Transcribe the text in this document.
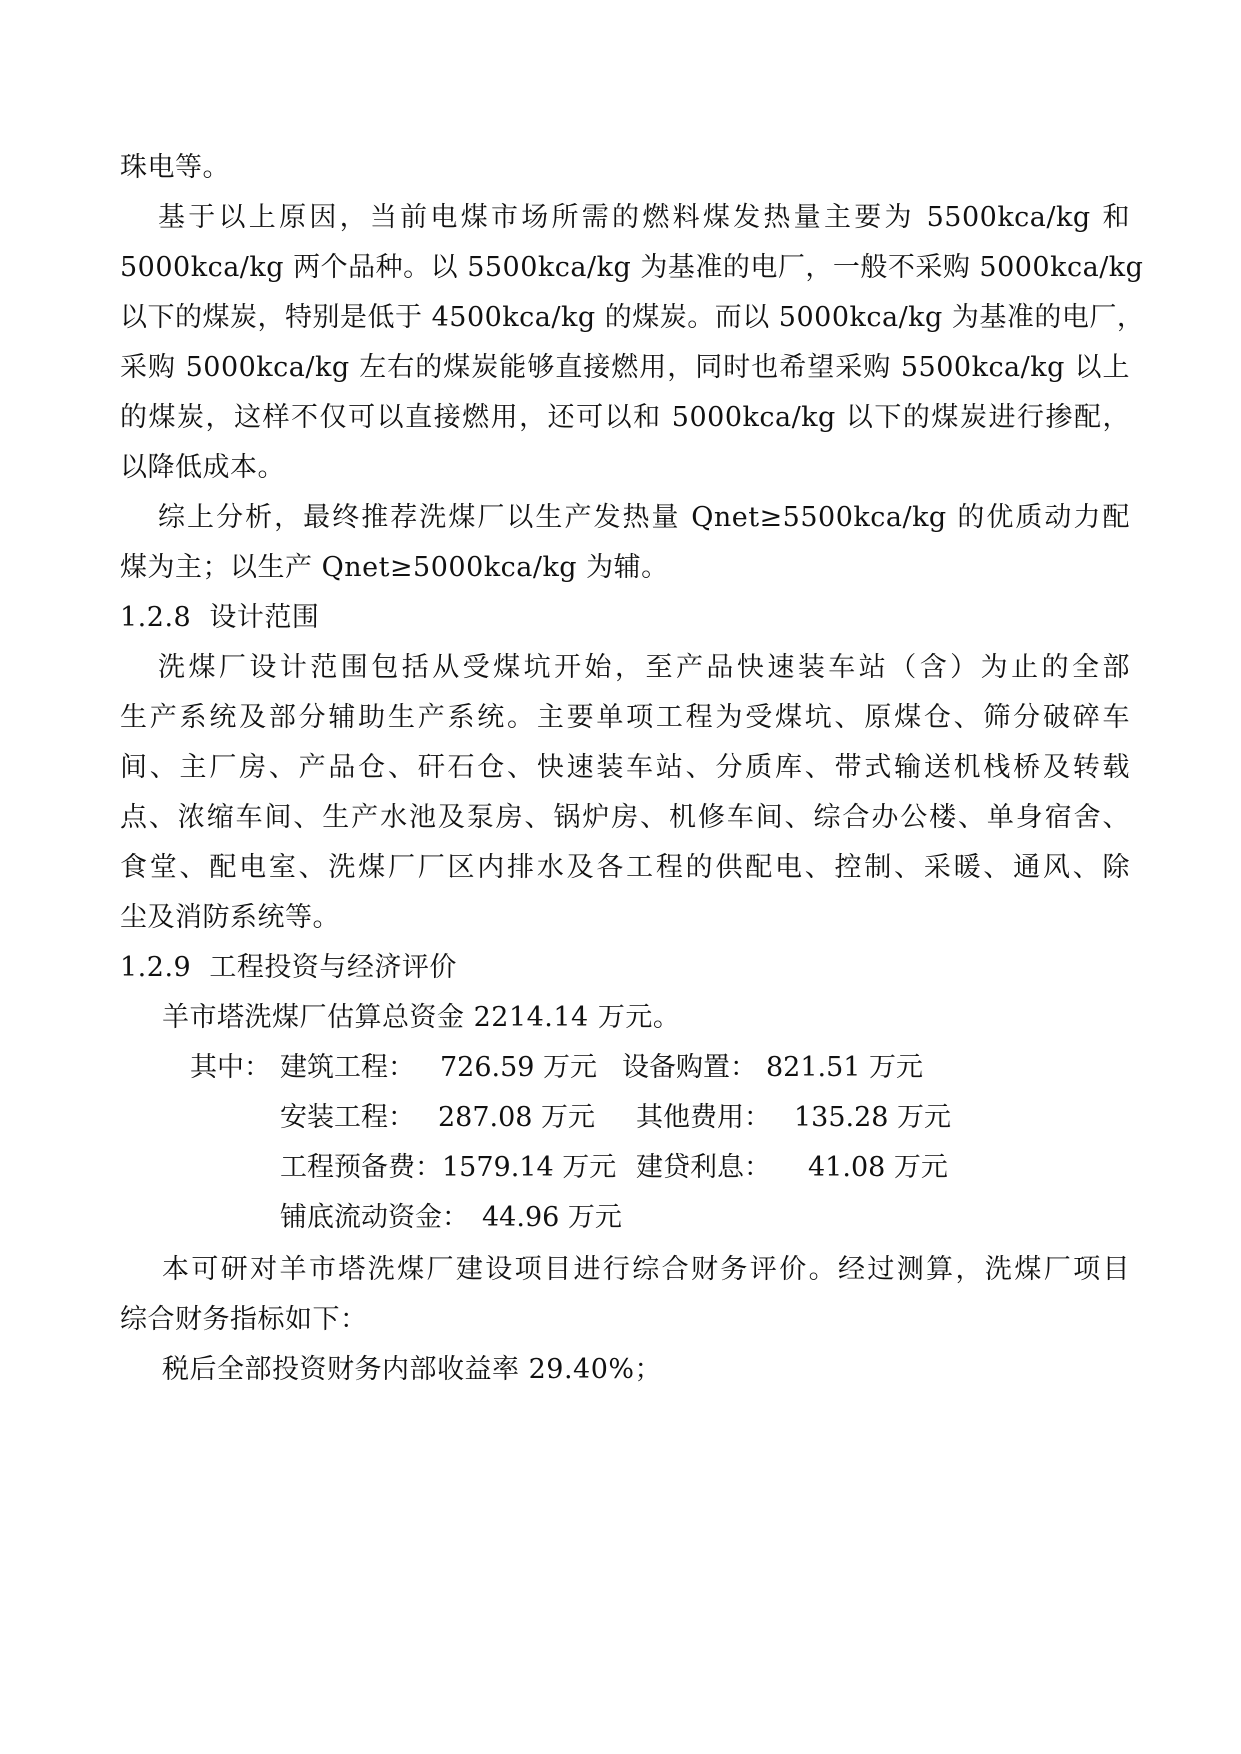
珠电等。
基于以上原因，当前电煤市场所需的燃料煤发热量主要为 5500kca/kg 和
5000kca/kg 两个品种。以 5500kca/kg 为基准的电厂，一般不采购 5000kca/kg
以下的煤炭，特别是低于 4500kca/kg 的煤炭。而以 5000kca/kg 为基准的电厂，
采购 5000kca/kg 左右的煤炭能够直接燃用，同时也希望采购 5500kca/kg 以上
的煤炭，这样不仅可以直接燃用，还可以和 5000kca/kg 以下的煤炭进行掺配，
以降低成本。
综上分析，最终推荐洗煤厂以生产发热量 Qnet≥5500kca/kg 的优质动力配
煤为主；以生产 Qnet≥5000kca/kg 为辅。
1.2.8  设计范围
洗煤厂设计范围包括从受煤坑开始，至产品快速装车站（含）为止的全部
生产系统及部分辅助生产系统。主要单项工程为受煤坑、原煤仓、筛分破碎车
间、主厂房、产品仓、矸石仓、快速装车站、分质库、带式输送机栈桥及转载
点、浓缩车间、生产水池及泵房、锅炉房、机修车间、综合办公楼、单身宿舍、
食堂、配电室、洗煤厂厂区内排水及各工程的供配电、控制、采暖、通风、除
尘及消防系统等。
1.2.9  工程投资与经济评价
羊市塔洗煤厂估算总资金 2214.14 万元。
其中： 建筑工程： 726.59 万元 设备购置： 821.51 万元
安装工程： 287.08 万元 其他费用： 135.28 万元
工程预备费： 1579.14 万元 建贷利息： 41.08 万元
铺底流动资金： 44.96 万元
本可研对羊市塔洗煤厂建设项目进行综合财务评价。经过测算，洗煤厂项目
综合财务指标如下：
税后全部投资财务内部收益率 29.40%；
